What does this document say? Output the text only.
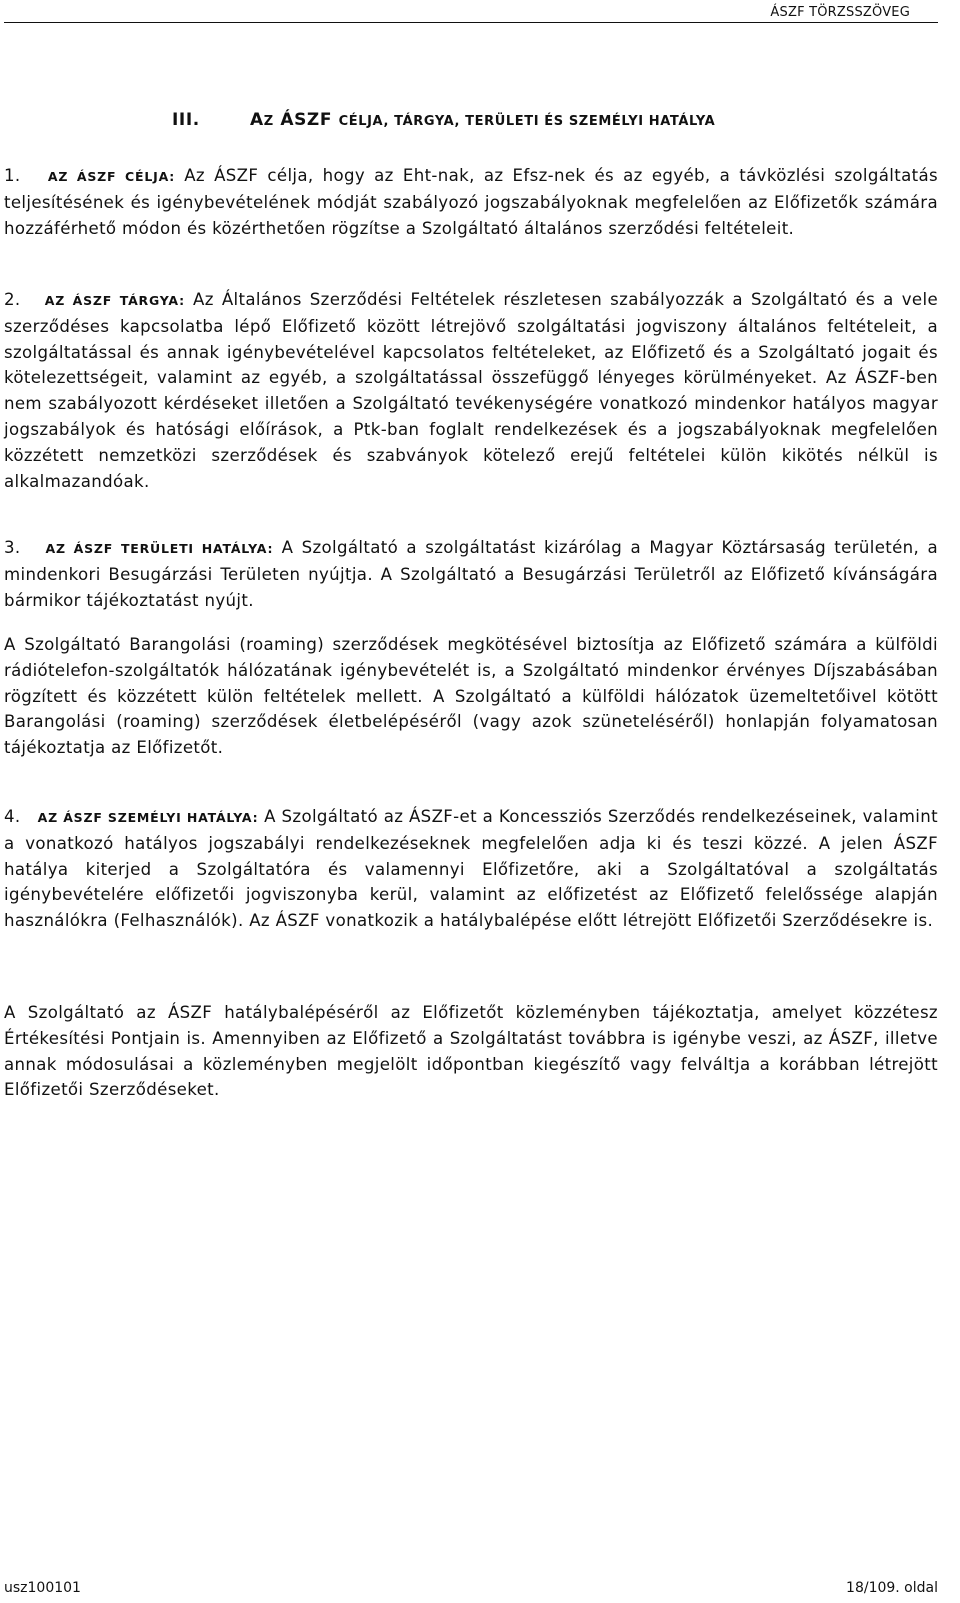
ÁSZF TÖRZSSZÖVEG
III.	AZ ÁSZF CÉLJA, TÁRGYA, TERÜLETI ÉS SZEMÉLYI HATÁLYA
1. AZ ÁSZF CÉLJA: Az ÁSZF célja, hogy az Eht-nak, az Efsz-nek és az egyéb, a távközlési szolgáltatás teljesítésének és igénybevételének módját szabályozó jogszabályoknak megfelelően az Előfizetők számára hozzáférhető módon és közérthetően rögzítse a Szolgáltató általános szerződési feltételeit.
2. AZ ÁSZF TÁRGYA: Az Általános Szerződési Feltételek részletesen szabályozzák a Szolgáltató és a vele szerződéses kapcsolatba lépő Előfizető között létrejövő szolgáltatási jogviszony általános feltételeit, a szolgáltatással és annak igénybevételével kapcsolatos feltételeket, az Előfizető és a Szolgáltató jogait és kötelezettségeit, valamint az egyéb, a szolgáltatással összefüggő lényeges körülményeket. Az ÁSZF-ben nem szabályozott kérdéseket illetően a Szolgáltató tevékenységére vonatkozó mindenkor hatályos magyar jogszabályok és hatósági előírások, a Ptk-ban foglalt rendelkezések és a jogszabályoknak megfelelően közzétett nemzetközi szerződések és szabványok kötelező erejű feltételei külön kikötés nélkül is alkalmazandóak.
3. AZ ÁSZF TERÜLETI HATÁLYA: A Szolgáltató a szolgáltatást kizárólag a Magyar Köztársaság területén, a mindenkori Besugárzási Területen nyújtja. A Szolgáltató a Besugárzási Területről az Előfizető kívánságára bármikor tájékoztatást nyújt.
A Szolgáltató Barangolási (roaming) szerződések megkötésével biztosítja az Előfizető számára a külföldi rádiótelefon-szolgáltatók hálózatának igénybevételét is, a Szolgáltató mindenkor érvényes Díjszabásában rögzített és közzétett külön feltételek mellett. A Szolgáltató a külföldi hálózatok üzemeltetőivel kötött Barangolási (roaming) szerződések életbelépéséről (vagy azok szüneteléséről) honlapján folyamatosan tájékoztatja az Előfizetőt.
4. AZ ÁSZF SZEMÉLYI HATÁLYA: A Szolgáltató az ÁSZF-et a Koncessziós Szerződés rendelkezéseinek, valamint a vonatkozó hatályos jogszabályi rendelkezéseknek megfelelően adja ki és teszi közzé. A jelen ÁSZF hatálya kiterjed a Szolgáltatóra és valamennyi Előfizetőre, aki a Szolgáltatóval a szolgáltatás igénybevételére előfizetői jogviszonyba kerül, valamint az előfizetést az Előfizető felelőssége alapján használókra (Felhasználók). Az ÁSZF vonatkozik a hatálybalépése előtt létrejött Előfizetői Szerződésekre is.
A Szolgáltató az ÁSZF hatálybalépéséről az Előfizetőt közleményben tájékoztatja, amelyet közzétesz Értékesítési Pontjain is. Amennyiben az Előfizető a Szolgáltatást továbbra is igénybe veszi, az ÁSZF, illetve annak módosulásai a közleményben megjelölt időpontban kiegészítő vagy felváltja a korábban létrejött Előfizetői Szerződéseket.
usz100101	18/109. oldal
